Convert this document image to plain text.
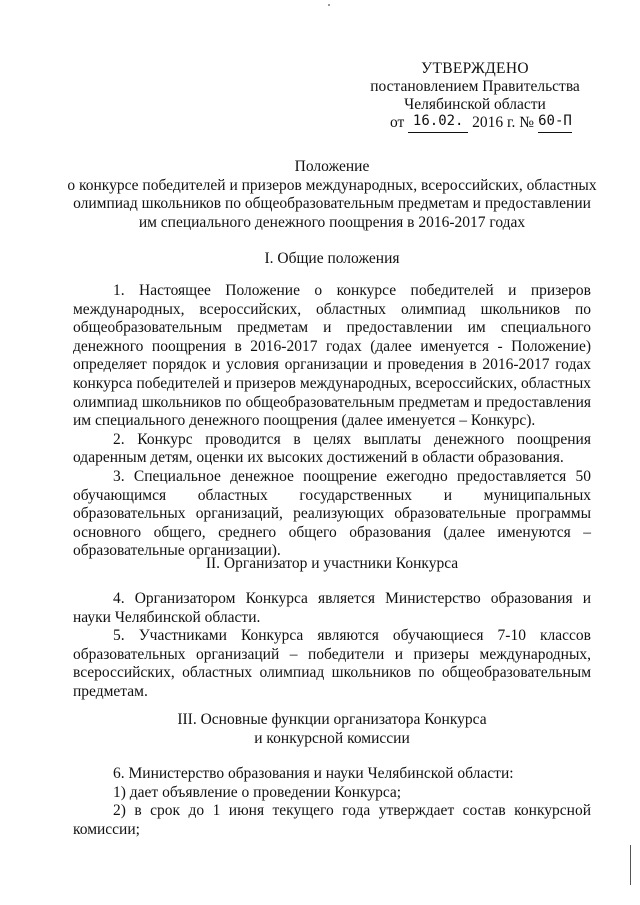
УТВЕРЖДЕНО
постановлением Правительства
Челябинской области
от 16.02. 2016 г. № 60-П
Положение
о конкурсе победителей и призеров международных, всероссийских, областных
олимпиад школьников по общеобразовательным предметам и предоставлении
им специального денежного поощрения в 2016-2017 годах
I. Общие положения

1. Настоящее Положение о конкурсе победителей и призеров международных, всероссийских, областных олимпиад школьников по общеобразовательным предметам и предоставлении им специального денежного поощрения в 2016-2017 годах (далее именуется - Положение) определяет порядок и условия организации и проведения в 2016-2017 годах конкурса победителей и призеров международных, всероссийских, областных олимпиад школьников по общеобразовательным предметам и предоставления им специального денежного поощрения (далее именуется – Конкурс).

2. Конкурс проводится в целях выплаты денежного поощрения одаренным детям, оценки их высоких достижений в области образования.

3. Специальное денежное поощрение ежегодно предоставляется 50 обучающимся областных государственных и муниципальных образовательных организаций, реализующих образовательные программы основного общего, среднего общего образования (далее именуются – образовательные организации).

II. Организатор и участники Конкурса

4. Организатором Конкурса является Министерство образования и науки Челябинской области.

5. Участниками Конкурса являются обучающиеся 7-10 классов образовательных организаций – победители и призеры международных, всероссийских, областных олимпиад школьников по общеобразовательным предметам.

III. Основные функции организатора Конкурса
и конкурсной комиссии

6. Министерство образования и науки Челябинской области:

1) дает объявление о проведении Конкурса;

2) в срок до 1 июня текущего года утверждает состав конкурсной комиссии;
